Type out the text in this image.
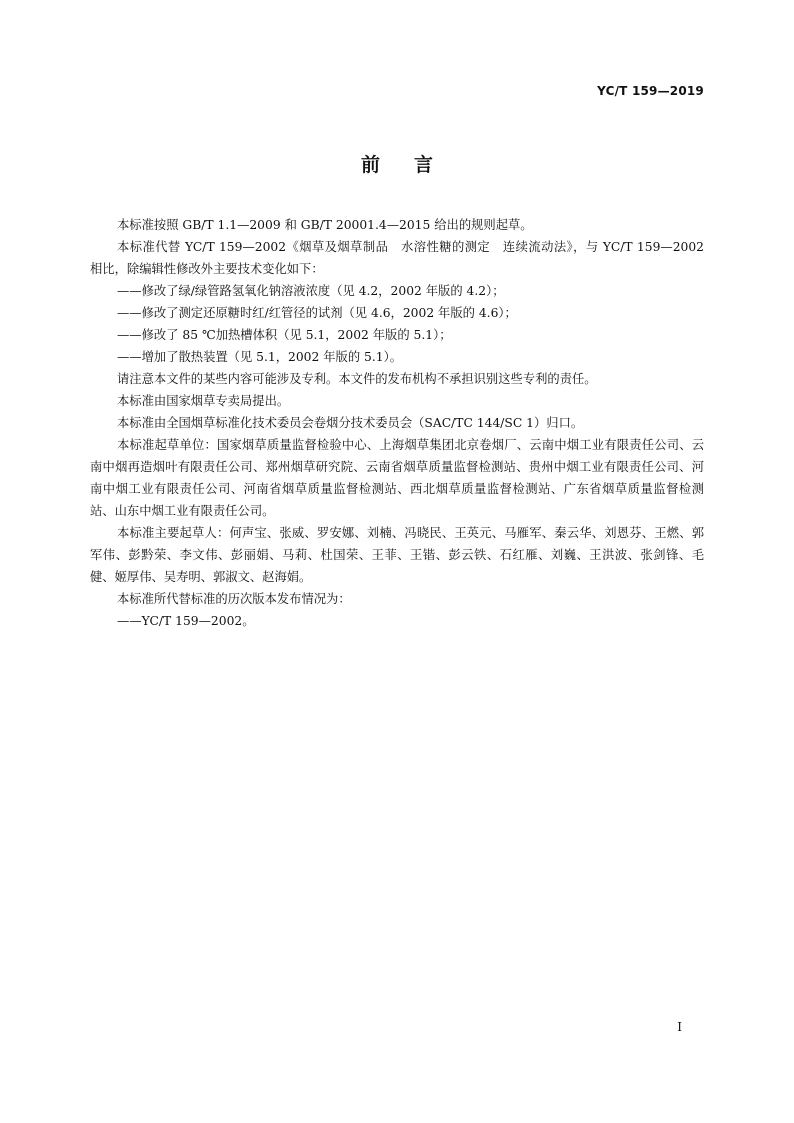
YC/T 159—2019
前 言

本标准按照 GB/T 1.1—2009 和 GB/T 20001.4—2015 给出的规则起草。

本标准代替 YC/T 159—2002《烟草及烟草制品　水溶性糖的测定　连续流动法》，与 YC/T 159—2002 相比，除编辑性修改外主要技术变化如下：

——修改了绿/绿管路氢氧化钠溶液浓度（见 4.2，2002 年版的 4.2）；

——修改了测定还原糖时红/红管径的试剂（见 4.6，2002 年版的 4.6）；

——修改了 85 ℃加热槽体积（见 5.1，2002 年版的 5.1）；

——增加了散热装置（见 5.1，2002 年版的 5.1）。

请注意本文件的某些内容可能涉及专利。本文件的发布机构不承担识别这些专利的责任。

本标准由国家烟草专卖局提出。

本标准由全国烟草标准化技术委员会卷烟分技术委员会（SAC/TC 144/SC 1）归口。

本标准起草单位：国家烟草质量监督检验中心、上海烟草集团北京卷烟厂、云南中烟工业有限责任公司、云南中烟再造烟叶有限责任公司、郑州烟草研究院、云南省烟草质量监督检测站、贵州中烟工业有限责任公司、河南中烟工业有限责任公司、河南省烟草质量监督检测站、西北烟草质量监督检测站、广东省烟草质量监督检测站、山东中烟工业有限责任公司。

本标准主要起草人：何声宝、张威、罗安娜、刘楠、冯晓民、王英元、马雁军、秦云华、刘恩芬、王燃、郭军伟、彭黔荣、李文伟、彭丽娟、马莉、杜国荣、王菲、王锴、彭云铁、石红雁、刘巍、王洪波、张剑锋、毛健、姬厚伟、吴寿明、郭淑文、赵海娟。

本标准所代替标准的历次版本发布情况为：

——YC/T 159—2002。

I
